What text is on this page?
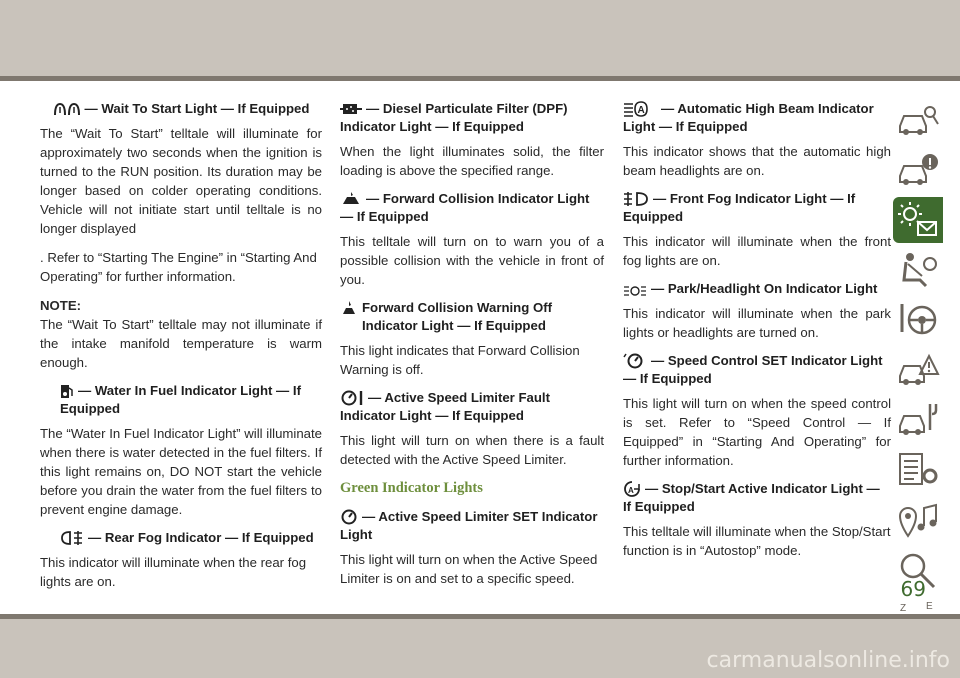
— Wait To Start Light — If Equipped

The “Wait To Start” telltale will illuminate for approximately two seconds when the ignition is turned to the RUN position. Its duration may be longer based on colder operating conditions. Vehicle will not initiate start until telltale is no longer displayed

. Refer to “Starting The Engine” in “Starting And Operating” for further information.

NOTE:

The “Wait To Start” telltale may not illuminate if the intake manifold temperature is warm enough.

— Water In Fuel Indicator Light — If Equipped

The “Water In Fuel Indicator Light” will illuminate when there is water detected in the fuel filters. If this light remains on, DO NOT start the vehicle before you drain the water from the fuel filters to prevent engine damage.

— Rear Fog Indicator — If Equipped

This indicator will illuminate when the rear fog lights are on.

— Diesel Particulate Filter (DPF) Indicator Light — If Equipped

When the light illuminates solid, the filter loading is above the specified range.

— Forward Collision Indicator Light — If Equipped

This telltale will turn on to warn you of a possible collision with the vehicle in front of you.

Forward Collision Warning Off Indicator Light — If Equipped

This light indicates that Forward Collision Warning is off.

— Active Speed Limiter Fault Indicator Light — If Equipped

This light will turn on when there is a fault detected with the Active Speed Limiter.

Green Indicator Lights
— Active Speed Limiter SET Indicator Light

This light will turn on when the Active Speed Limiter is on and set to a specific speed.

A — Automatic High Beam Indicator Light — If Equipped

This indicator shows that the automatic high beam headlights are on.

— Front Fog Indicator Light — If Equipped

This indicator will illuminate when the front fog lights are on.

— Park/Headlight On Indicator Light

This indicator will illuminate when the park lights or headlights are turned on.

— Speed Control SET Indicator Light — If Equipped

This light will turn on when the speed control is set. Refer to “Speed Control — If Equipped” in “Starting And Operating” for further information.

A — Stop/Start Active Indicator Light — If Equipped

This telltale will illuminate when the Stop/Start function is in “Autostop” mode.

Z E
69
carmanualsonline.info
